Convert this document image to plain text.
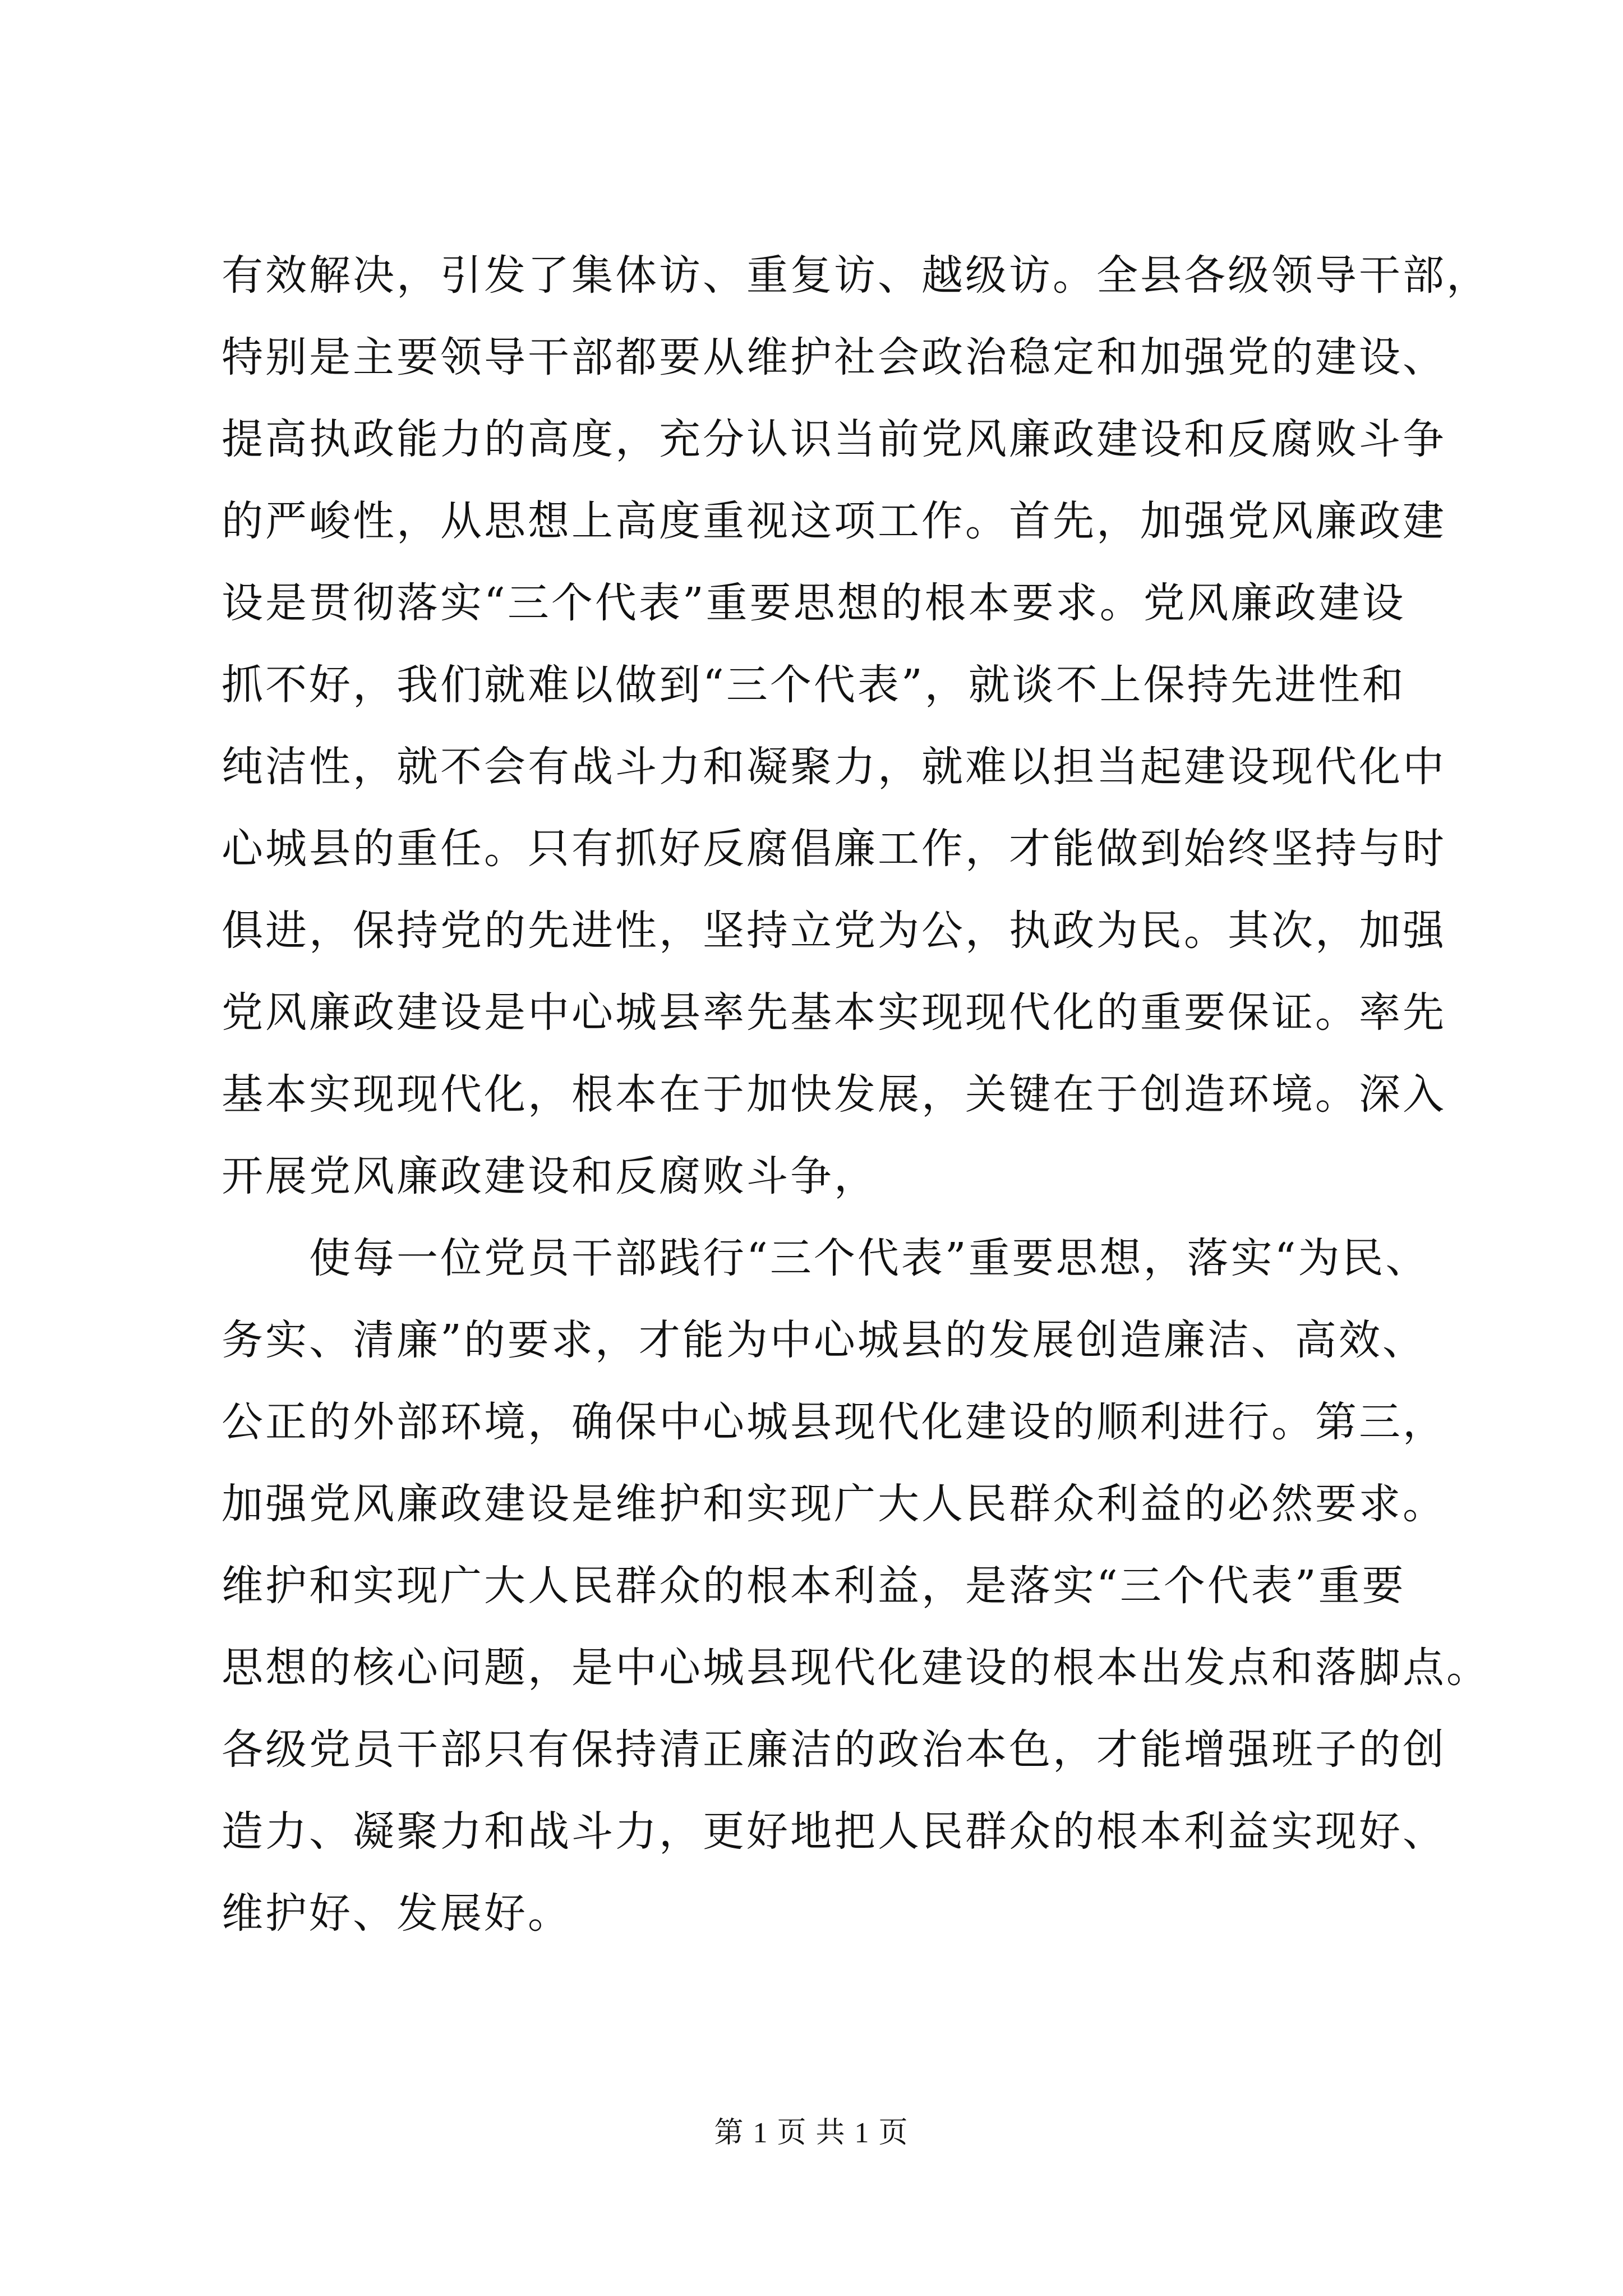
有效解决，引发了集体访、重复访、越级访。全县各级领导干部，
特别是主要领导干部都要从维护社会政治稳定和加强党的建设、
提高执政能力的高度，充分认识当前党风廉政建设和反腐败斗争
的严峻性，从思想上高度重视这项工作。首先，加强党风廉政建
设是贯彻落实“三个代表”重要思想的根本要求。党风廉政建设
抓不好，我们就难以做到“三个代表”，就谈不上保持先进性和
纯洁性，就不会有战斗力和凝聚力，就难以担当起建设现代化中
心城县的重任。只有抓好反腐倡廉工作，才能做到始终坚持与时
俱进，保持党的先进性，坚持立党为公，执政为民。其次，加强
党风廉政建设是中心城县率先基本实现现代化的重要保证。率先
基本实现现代化，根本在于加快发展，关键在于创造环境。深入
开展党风廉政建设和反腐败斗争，
　　使每一位党员干部践行“三个代表”重要思想，落实“为民、
务实、清廉”的要求，才能为中心城县的发展创造廉洁、高效、
公正的外部环境，确保中心城县现代化建设的顺利进行。第三，
加强党风廉政建设是维护和实现广大人民群众利益的必然要求。
维护和实现广大人民群众的根本利益，是落实“三个代表”重要
思想的核心问题，是中心城县现代化建设的根本出发点和落脚点。
各级党员干部只有保持清正廉洁的政治本色，才能增强班子的创
造力、凝聚力和战斗力，更好地把人民群众的根本利益实现好、
维护好、发展好。
第 1 页 共 1 页
